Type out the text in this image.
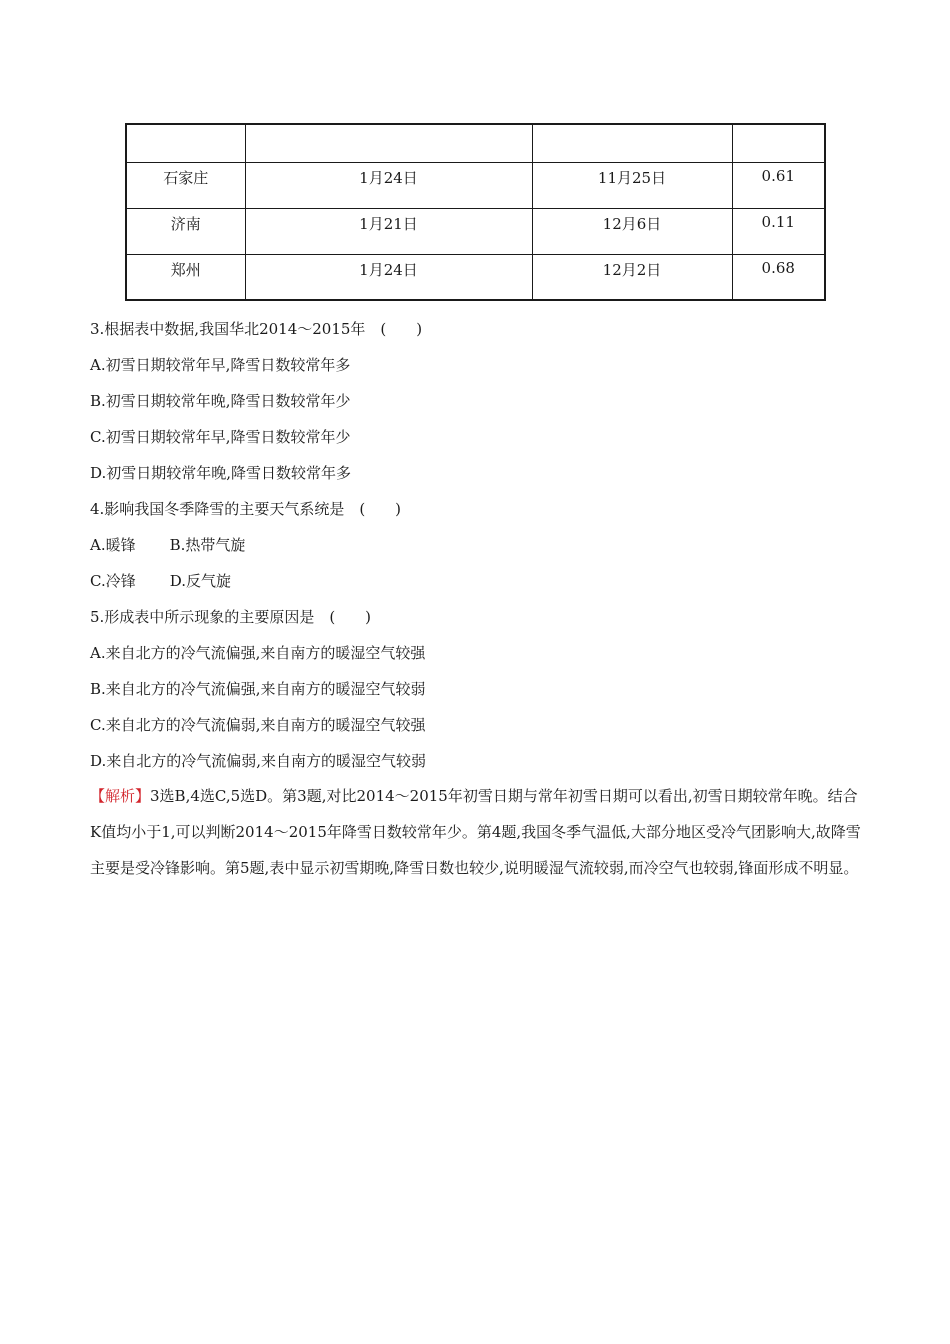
石家庄	1月24日	11月25日	0.61
济南	1月21日	12月6日	0.11
郑州	1月24日	12月2日	0.68
3.根据表中数据,我国华北2014～2015年　(　　)
A.初雪日期较常年早,降雪日数较常年多
B.初雪日期较常年晚,降雪日数较常年少
C.初雪日期较常年早,降雪日数较常年少
D.初雪日期较常年晚,降雪日数较常年多
4.影响我国冬季降雪的主要天气系统是　(　　)
A.暖锋 B.热带气旋
C.冷锋 D.反气旋
5.形成表中所示现象的主要原因是　(　　)
A.来自北方的冷气流偏强,来自南方的暖湿空气较强
B.来自北方的冷气流偏强,来自南方的暖湿空气较弱
C.来自北方的冷气流偏弱,来自南方的暖湿空气较强
D.来自北方的冷气流偏弱,来自南方的暖湿空气较弱
【解析】3选B,4选C,5选D。第3题,对比2014～2015年初雪日期与常年初雪日期可以看出,初雪日期较常年晚。结合K值均小于1,可以判断2014～2015年降雪日数较常年少。第4题,我国冬季气温低,大部分地区受冷气团影响大,故降雪主要是受冷锋影响。第5题,表中显示初雪期晚,降雪日数也较少,说明暖湿气流较弱,而冷空气也较弱,锋面形成不明显。
